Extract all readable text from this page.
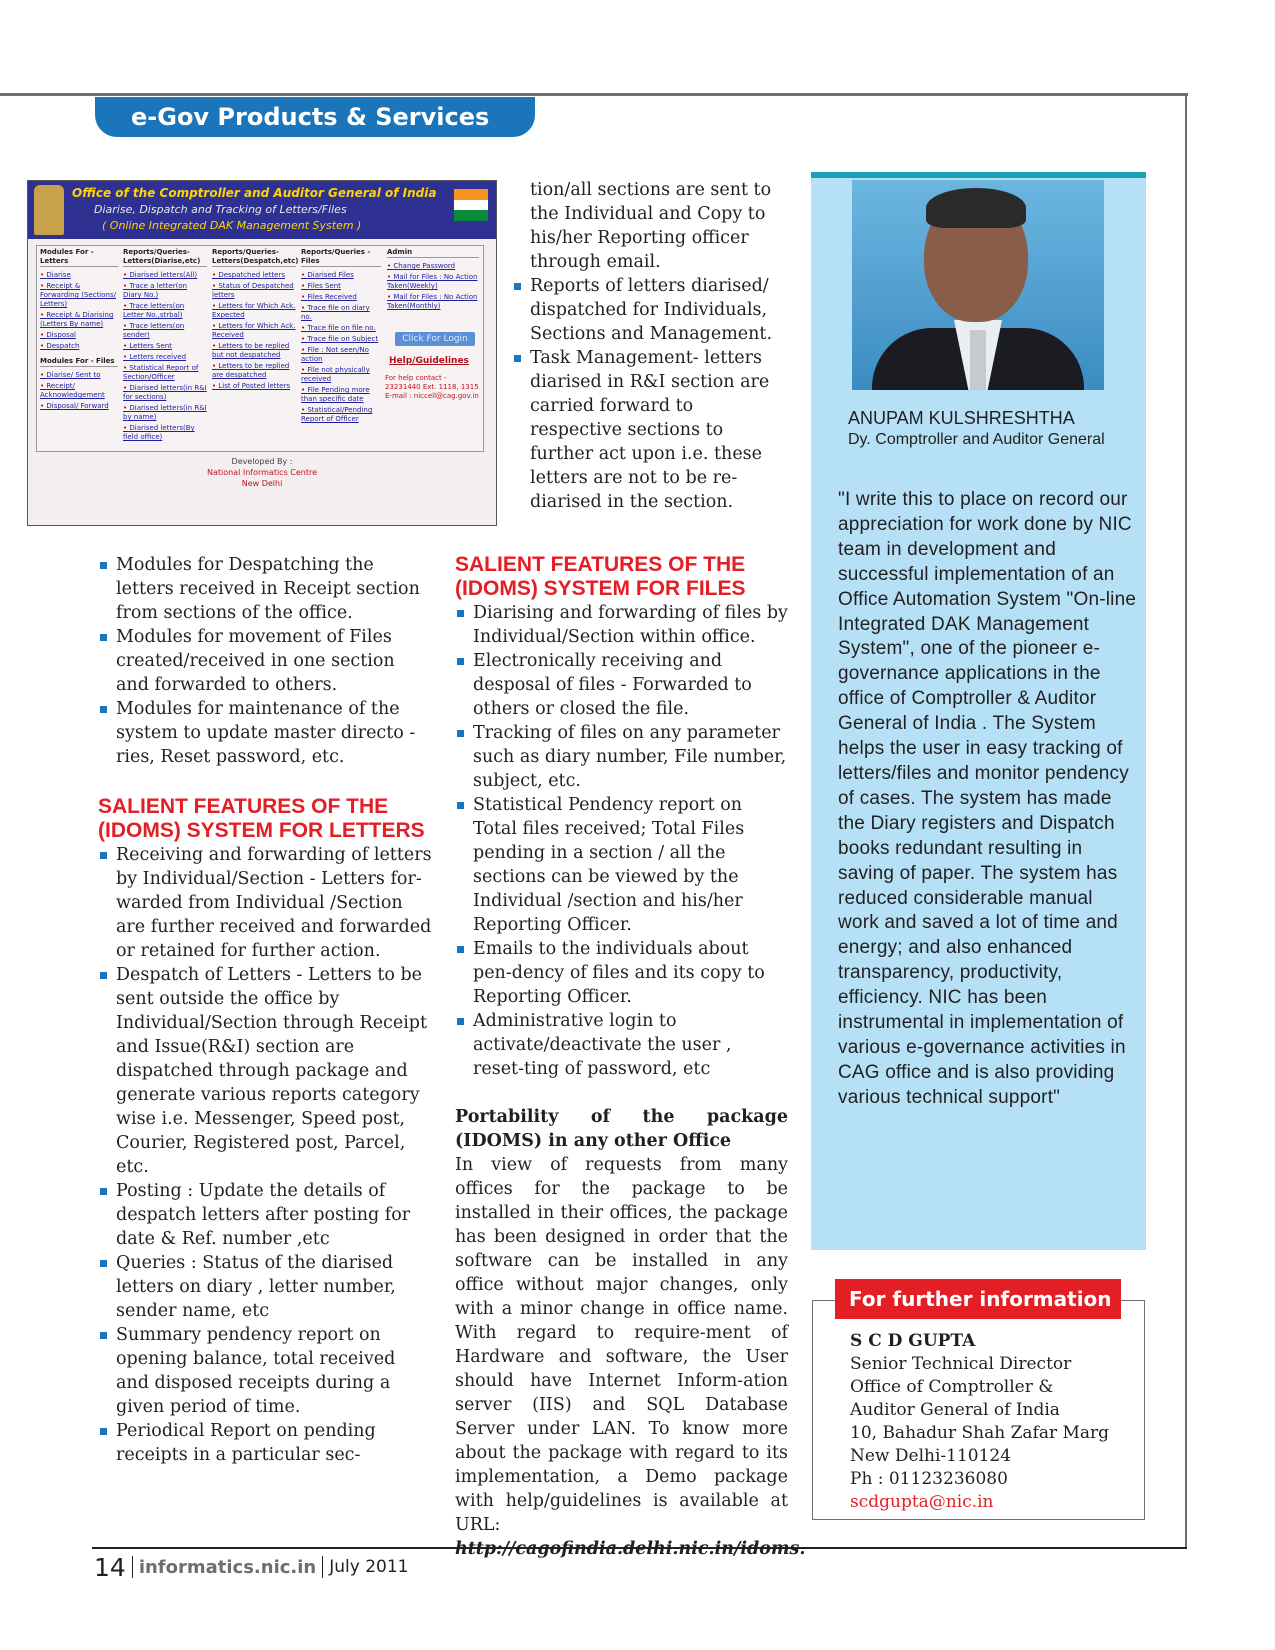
e-Gov Products & Services
Office of the Comptroller and Auditor General of India
Diarise, Dispatch and Tracking of Letters/Files
( Online Integrated DAK Management System )
Modules For - Letters
• Diarise
• Receipt & Forwarding (Sections/ Letters)
• Receipt & Diarising (Letters By name)
• Disposal
• Despatch
Modules For - Files
• Diarise/ Sent to
• Receipt/ Acknowledgement
• Disposal/ Forward
Reports/Queries- Letters(Diarise,etc)
• Diarised letters(All)
• Trace a letter(on Diary No.)
• Trace letters(on Letter No.,strbal)
• Trace letters(on sender)
• Letters Sent
• Letters received
• Statistical Report of Section/Officer
• Diarised letters(in R&I for sections)
• Diarised letters(in R&I by name)
• Diarised letters(By field office)
Reports/Queries- Letters(Despatch,etc)
• Despatched letters
• Status of Despatched letters
• Letters for Which Ack. Expected
• Letters for Which Ack. Received
• Letters to be replied but not despatched
• Letters to be replied are despatched
• List of Posted letters
Reports/Queries - Files
• Diarised Files
• Files Sent
• Files Received
• Trace file on diary no.
• Trace file on file no.
• Trace file on Subject
• File : Not seen/No action
• File not physically received
• File Pending more than specific date
• Statistical/Pending Report of Officer
Admin
• Change Password
• Mail for Files : No Action Taken(Weekly)
• Mail for Files : No Action Taken(Monthly)
Click For Login
Help/Guidelines
For help contact - 23231440 Ext. 1118, 1315 E-mail : niccell@cag.gov.in
Developed By :
National Informatics Centre
New Delhi

tion/all sections are sent to the Individual and Copy to his/her Reporting officer through email.

Reports of letters diarised/ dispatched for Individuals, Sections and Management.
Task Management- letters diarised in R&I section are carried forward to respective sections to further act upon i.e. these letters are not to be re-diarised in the section.
Modules for Despatching the letters received in Receipt section from sections of the office.
Modules for movement of Files created/received in one section and forwarded to others.
Modules for maintenance of the system to update master directo - ries, Reset password, etc.
SALIENT FEATURES OF THE (IDOMS) SYSTEM FOR LETTERS
Receiving and forwarding of letters by Individual/Section - Letters for-warded from Individual /Section are further received and forwarded or retained for further action.
Despatch of Letters - Letters to be sent outside the office by Individual/Section through Receipt and Issue(R&I) section are dispatched through package and generate various reports category wise i.e. Messenger, Speed post, Courier, Registered post, Parcel, etc.
Posting : Update the details of despatch letters after posting for date & Ref. number ,etc
Queries : Status of the diarised letters on diary , letter number, sender name, etc
Summary pendency report on opening balance, total received and disposed receipts during a given period of time.
Periodical Report on pending receipts in a particular sec-
SALIENT FEATURES OF THE (IDOMS) SYSTEM FOR FILES
Diarising and forwarding of files by Individual/Section within office.
Electronically receiving and desposal of files - Forwarded to others or closed the file.
Tracking of files on any parameter such as diary number, File number, subject, etc.
Statistical Pendency report on Total files received; Total Files pending in a section / all the sections can be viewed by the Individual /section and his/her Reporting Officer.
Emails to the individuals about pen-dency of files and its copy to Reporting Officer.
Administrative login to activate/deactivate the user , reset-ting of password, etc

Portability of the package (IDOMS) in any other Office

In view of requests from many offices for the package to be installed in their offices, the package has been designed in order that the software can be installed in any office without major changes, only with a minor change in office name. With regard to require-ment of Hardware and software, the User should have Internet Inform-ation server (IIS) and SQL Database Server under LAN. To know more about the package with regard to its implementation, a Demo package with help/guidelines is available at URL:

http://cagofindia.delhi.nic.in/idoms.

ANUPAM KULSHRESHTHA
Dy. Comptroller and Auditor General
"I write this to place on record our appreciation for work done by NIC team in development and successful implementation of an Office Automation System "On-line Integrated DAK Management System", one of the pioneer e-governance applications in the office of Comptroller & Auditor General of India . The System helps the user in easy tracking of letters/files and monitor pendency of cases. The system has made the Diary registers and Dispatch books redundant resulting in saving of paper. The system has reduced considerable manual work and saved a lot of time and energy; and also enhanced transparency, productivity, efficiency. NIC has been instrumental in implementation of various e-governance activities in CAG office and is also providing various technical support"
For further information
S C D GUPTA
Senior Technical Director
Office of Comptroller &
Auditor General of India
10, Bahadur Shah Zafar Marg
New Delhi-110124
Ph : 01123236080
scdgupta@nic.in
14 informatics.nic.in July 2011
